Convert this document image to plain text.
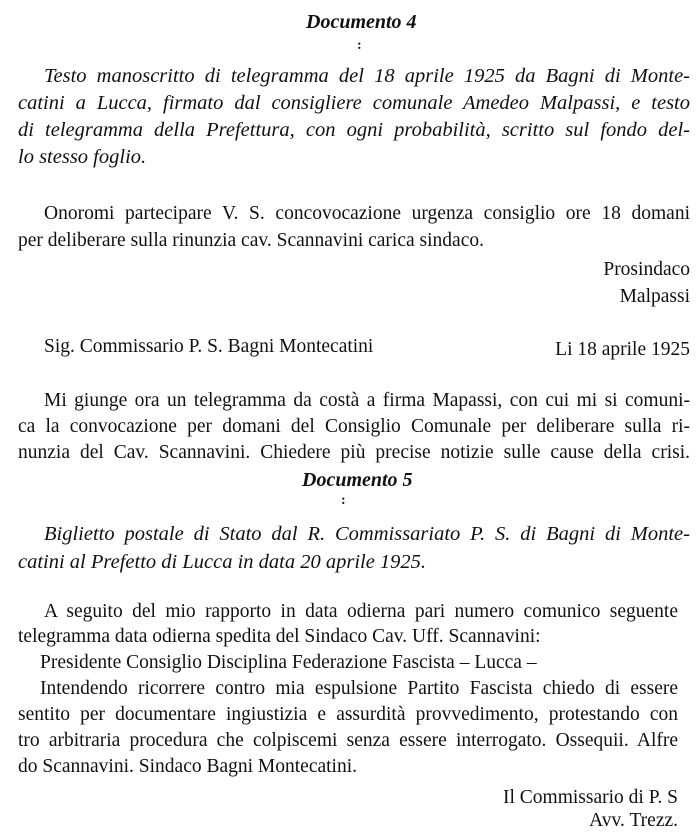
Documento 4
:
Testo manoscritto di telegramma del 18 aprile 1925 da Bagni di Monte-
catini a Lucca, firmato dal consigliere comunale Amedeo Malpassi, e testo
di telegramma della Prefettura, con ogni probabilità, scritto sul fondo del-
lo stesso foglio.
Onoromi partecipare V. S. concovocazione urgenza consiglio ore 18 domani
per deliberare sulla rinunzia cav. Scannavini carica sindaco.
Prosindaco
Malpassi
Sig. Commissario P. S. Bagni Montecatini	Li 18 aprile 1925
Mi giunge ora un telegramma da costà a firma Mapassi, con cui mi si comuni-
ca la convocazione per domani del Consiglio Comunale per deliberare sulla ri-
nunzia del Cav. Scannavini. Chiedere più precise notizie sulle cause della crisi.
Documento 5
:
Biglietto postale di Stato dal R. Commissariato P. S. di Bagni di Monte-
catini al Prefetto di Lucca in data 20 aprile 1925.
A seguito del mio rapporto in data odierna pari numero comunico seguente
telegramma data odierna spedita del Sindaco Cav. Uff. Scannavini:
Presidente Consiglio Disciplina Federazione Fascista – Lucca –
Intendendo ricorrere contro mia espulsione Partito Fascista chiedo di essere
sentito per documentare ingiustizia e assurdità provvedimento, protestando con
tro arbitraria procedura che colpiscemi senza essere interrogato. Ossequii. Alfre
do Scannavini. Sindaco Bagni Montecatini.
Il Commissario di P. S
Avv. Trezz.
